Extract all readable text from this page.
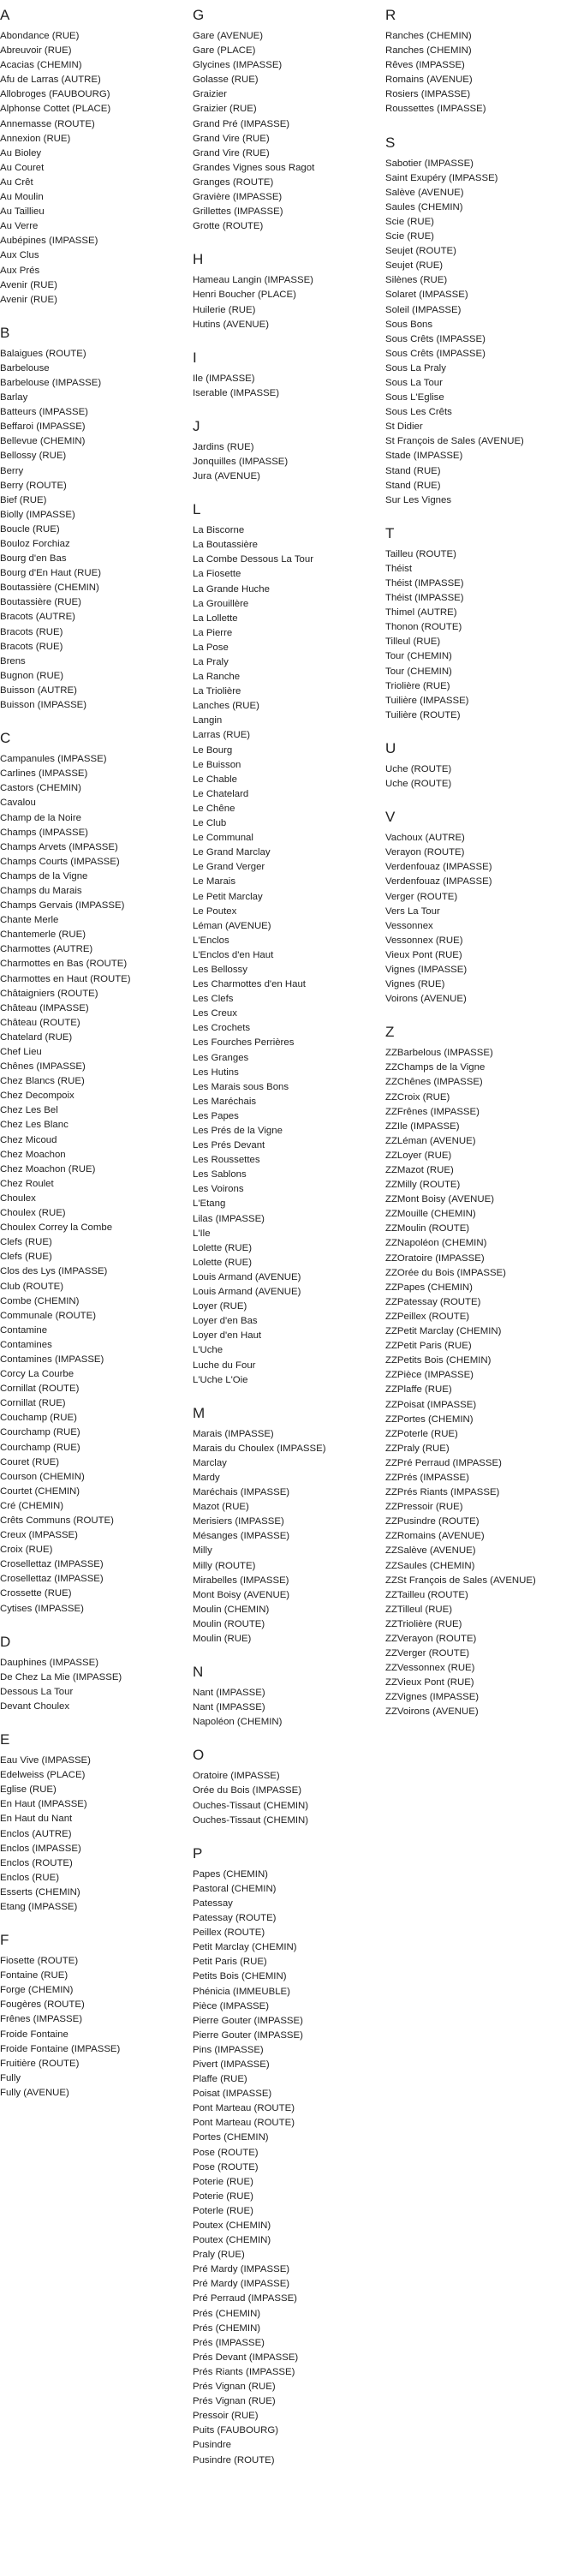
A
Abondance (RUE)
Abreuvoir (RUE)
Acacias (CHEMIN)
Afu de Larras (AUTRE)
Allobroges (FAUBOURG)
Alphonse Cottet (PLACE)
Annemasse (ROUTE)
Annexion (RUE)
Au Bioley
Au Couret
Au Crêt
Au Moulin
Au Taillieu
Au Verre
Aubépines (IMPASSE)
Aux Clus
Aux Prés
Avenir (RUE)
Avenir (RUE)
B
Balaigues (ROUTE)
Barbelouse
Barbelouse (IMPASSE)
Barlay
Batteurs (IMPASSE)
Beffaroi (IMPASSE)
Bellevue (CHEMIN)
Bellossy (RUE)
Berry
Berry (ROUTE)
Bief (RUE)
Biolly (IMPASSE)
Boucle (RUE)
Bouloz Forchiaz
Bourg d'en Bas
Bourg d'En Haut (RUE)
Boutassière (CHEMIN)
Boutassière (RUE)
Bracots (AUTRE)
Bracots (RUE)
Bracots (RUE)
Brens
Bugnon (RUE)
Buisson (AUTRE)
Buisson (IMPASSE)
C
Campanules (IMPASSE)
Carlines (IMPASSE)
Castors (CHEMIN)
Cavalou
Champ de la Noire
Champs (IMPASSE)
Champs Arvets (IMPASSE)
Champs Courts (IMPASSE)
Champs de la Vigne
Champs du Marais
Champs Gervais (IMPASSE)
Chante Merle
Chantemerle (RUE)
Charmottes (AUTRE)
Charmottes en Bas (ROUTE)
Charmottes en Haut (ROUTE)
Châtaigniers (ROUTE)
Château (IMPASSE)
Château (ROUTE)
Chatelard (RUE)
Chef Lieu
Chênes (IMPASSE)
Chez Blancs (RUE)
Chez Decompoix
Chez Les Bel
Chez Les Blanc
Chez Micoud
Chez Moachon
Chez Moachon (RUE)
Chez Roulet
Choulex
Choulex (RUE)
Choulex Correy la Combe
Clefs (RUE)
Clefs (RUE)
Clos des Lys (IMPASSE)
Club (ROUTE)
Combe (CHEMIN)
Communale (ROUTE)
Contamine
Contamines
Contamines (IMPASSE)
Corcy La Courbe
Cornillat (ROUTE)
Cornillat (RUE)
Couchamp (RUE)
Courchamp (RUE)
Courchamp (RUE)
Couret (RUE)
Courson (CHEMIN)
Courtet (CHEMIN)
Cré (CHEMIN)
Crêts Communs (ROUTE)
Creux (IMPASSE)
Croix (RUE)
Crosellettaz (IMPASSE)
Crosellettaz (IMPASSE)
Crossette (RUE)
Cytises (IMPASSE)
D
Dauphines (IMPASSE)
De Chez La Mie (IMPASSE)
Dessous La Tour
Devant Choulex
E
Eau Vive (IMPASSE)
Edelweiss (PLACE)
Eglise (RUE)
En Haut (IMPASSE)
En Haut du Nant
Enclos (AUTRE)
Enclos (IMPASSE)
Enclos (ROUTE)
Enclos (RUE)
Esserts (CHEMIN)
Etang (IMPASSE)
F
Fiosette (ROUTE)
Fontaine (RUE)
Forge (CHEMIN)
Fougères (ROUTE)
Frênes (IMPASSE)
Froide Fontaine
Froide Fontaine (IMPASSE)
Fruitière (ROUTE)
Fully
Fully (AVENUE)
G
Gare (AVENUE)
Gare (PLACE)
Glycines (IMPASSE)
Golasse (RUE)
Graizier
Graizier (RUE)
Grand Pré (IMPASSE)
Grand Vire (RUE)
Grand Vire (RUE)
Grandes Vignes sous Ragot
Granges (ROUTE)
Gravière (IMPASSE)
Grillettes (IMPASSE)
Grotte (ROUTE)
H
Hameau Langin (IMPASSE)
Henri Boucher (PLACE)
Huilerie (RUE)
Hutins (AVENUE)
I
Ile (IMPASSE)
Iserable (IMPASSE)
J
Jardins (RUE)
Jonquilles (IMPASSE)
Jura (AVENUE)
L
La Biscorne
La Boutassière
La Combe Dessous La Tour
La Fiosette
La Grande Huche
La Grouillère
La Lollette
La Pierre
La Pose
La Praly
La Ranche
La Triolière
Lanches (RUE)
Langin
Larras (RUE)
Le Bourg
Le Buisson
Le Chable
Le Chatelard
Le Chêne
Le Club
Le Communal
Le Grand Marclay
Le Grand Verger
Le Marais
Le Petit Marclay
Le Poutex
Léman (AVENUE)
L'Enclos
L'Enclos d'en Haut
Les Bellossy
Les Charmottes d'en Haut
Les Clefs
Les Creux
Les Crochets
Les Fourches Perrières
Les Granges
Les Hutins
Les Marais sous Bons
Les Maréchais
Les Papes
Les Prés de la Vigne
Les Prés Devant
Les Roussettes
Les Sablons
Les Voirons
L'Etang
Lilas (IMPASSE)
L'Ile
Lolette (RUE)
Lolette (RUE)
Louis Armand (AVENUE)
Louis Armand (AVENUE)
Loyer (RUE)
Loyer d'en Bas
Loyer d'en Haut
L'Uche
Luche du Four
L'Uche L'Oie
M
Marais (IMPASSE)
Marais du Choulex (IMPASSE)
Marclay
Mardy
Maréchais (IMPASSE)
Mazot (RUE)
Merisiers (IMPASSE)
Mésanges (IMPASSE)
Milly
Milly (ROUTE)
Mirabelles (IMPASSE)
Mont Boisy (AVENUE)
Moulin (CHEMIN)
Moulin (ROUTE)
Moulin (RUE)
N
Nant (IMPASSE)
Nant (IMPASSE)
Napoléon (CHEMIN)
O
Oratoire (IMPASSE)
Orée du Bois (IMPASSE)
Ouches-Tissaut (CHEMIN)
Ouches-Tissaut (CHEMIN)
P
Papes (CHEMIN)
Pastoral (CHEMIN)
Patessay
Patessay (ROUTE)
Peillex (ROUTE)
Petit Marclay (CHEMIN)
Petit Paris (RUE)
Petits Bois (CHEMIN)
Phénicia (IMMEUBLE)
Pièce (IMPASSE)
Pierre Gouter (IMPASSE)
Pierre Gouter (IMPASSE)
Pins (IMPASSE)
Pivert (IMPASSE)
Plaffe (RUE)
Poisat (IMPASSE)
Pont Marteau (ROUTE)
Pont Marteau (ROUTE)
Portes (CHEMIN)
Pose (ROUTE)
Pose (ROUTE)
Poterie (RUE)
Poterie (RUE)
Poterle (RUE)
Poutex (CHEMIN)
Poutex (CHEMIN)
Praly (RUE)
Pré Mardy (IMPASSE)
Pré Mardy (IMPASSE)
Pré Perraud (IMPASSE)
Prés (CHEMIN)
Prés (CHEMIN)
Prés (IMPASSE)
Prés Devant (IMPASSE)
Prés Riants (IMPASSE)
Prés Vignan (RUE)
Prés Vignan (RUE)
Pressoir (RUE)
Puits (FAUBOURG)
Pusindre
Pusindre (ROUTE)
R
Ranches (CHEMIN)
Ranches (CHEMIN)
Rêves (IMPASSE)
Romains (AVENUE)
Rosiers (IMPASSE)
Roussettes (IMPASSE)
S
Sabotier (IMPASSE)
Saint Exupéry (IMPASSE)
Salève (AVENUE)
Saules (CHEMIN)
Scie (RUE)
Scie (RUE)
Seujet (ROUTE)
Seujet (RUE)
Silènes (RUE)
Solaret (IMPASSE)
Soleil (IMPASSE)
Sous Bons
Sous Crêts (IMPASSE)
Sous Crêts (IMPASSE)
Sous La Praly
Sous La Tour
Sous L'Eglise
Sous Les Crêts
St Didier
St François de Sales (AVENUE)
Stade (IMPASSE)
Stand (RUE)
Stand (RUE)
Sur Les Vignes
T
Tailleu (ROUTE)
Théist
Théist (IMPASSE)
Théist (IMPASSE)
Thimel (AUTRE)
Thonon (ROUTE)
Tilleul (RUE)
Tour (CHEMIN)
Tour (CHEMIN)
Triolière (RUE)
Tuilière (IMPASSE)
Tuilière (ROUTE)
U
Uche (ROUTE)
Uche (ROUTE)
V
Vachoux (AUTRE)
Verayon (ROUTE)
Verdenfouaz (IMPASSE)
Verdenfouaz (IMPASSE)
Verger (ROUTE)
Vers La Tour
Vessonnex
Vessonnex (RUE)
Vieux Pont (RUE)
Vignes (IMPASSE)
Vignes (RUE)
Voirons (AVENUE)
Z
ZZBarbelous (IMPASSE)
ZZChamps de la Vigne
ZZChênes (IMPASSE)
ZZCroix (RUE)
ZZFrênes (IMPASSE)
ZZIle (IMPASSE)
ZZLéman (AVENUE)
ZZLoyer (RUE)
ZZMazot (RUE)
ZZMilly (ROUTE)
ZZMont Boisy (AVENUE)
ZZMouille (CHEMIN)
ZZMoulin (ROUTE)
ZZNapoléon (CHEMIN)
ZZOratoire (IMPASSE)
ZZOrée du Bois (IMPASSE)
ZZPapes (CHEMIN)
ZZPatessay (ROUTE)
ZZPeillex (ROUTE)
ZZPetit Marclay (CHEMIN)
ZZPetit Paris (RUE)
ZZPetits Bois (CHEMIN)
ZZPièce (IMPASSE)
ZZPlaffe (RUE)
ZZPoisat (IMPASSE)
ZZPortes (CHEMIN)
ZZPoterle (RUE)
ZZPraly (RUE)
ZZPré Perraud (IMPASSE)
ZZPrés (IMPASSE)
ZZPrés Riants (IMPASSE)
ZZPressoir (RUE)
ZZPusindre (ROUTE)
ZZRomains (AVENUE)
ZZSalève (AVENUE)
ZZSaules (CHEMIN)
ZZSt François de Sales (AVENUE)
ZZTailleu (ROUTE)
ZZTilleul (RUE)
ZZTriolière (RUE)
ZZVerayon (ROUTE)
ZZVerger (ROUTE)
ZZVessonnex (RUE)
ZZVieux Pont (RUE)
ZZVignes (IMPASSE)
ZZVoirons (AVENUE)
